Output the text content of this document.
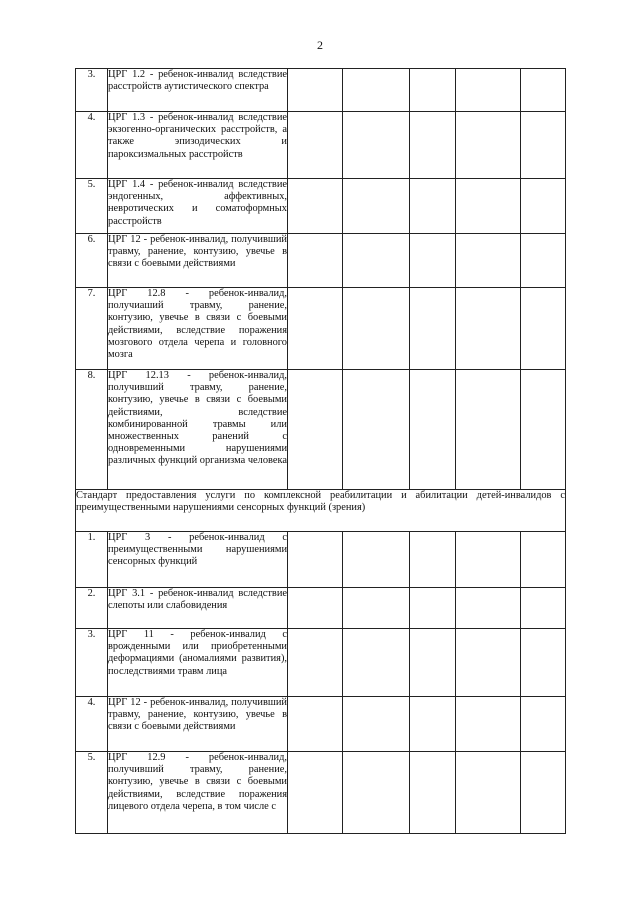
2
3.	ЦРГ 1.2 - ребенок-инвалид вследствие расстройств аутистического спектра					
4.	ЦРГ 1.3 - ребенок-инвалид вследствие экзогенно-органических расстройств, а также эпизодических и пароксизмальных расстройств					
5.	ЦРГ 1.4 - ребенок-инвалид вследствие эндогенных, аффективных, невротических и соматоформных расстройств					
6.	ЦРГ 12 - ребенок-инвалид, получивший травму, ранение, контузию, увечье в связи с боевыми действиями					
7.	ЦРГ 12.8 - ребенок-инвалид, получиаший травму, ранение, контузию, увечье в связи с боевыми действиями, вследствие поражения мозгового отдела черепа и головного мозга					
8.	ЦРГ 12.13 - ребенок-инвалид, получивший травму, ранение, контузию, увечье в связи с боевыми действиями, вследствие комбинированной травмы или множественных ранений с одновременными нарушениями различных функций организма человека					
Стандарт предоставления услуги по комплексной реабилитации и абилитации детей-инвалидов с преимущественными нарушениями сенсорных функций (зрения)						
1.	ЦРГ 3 - ребенок-инвалид с преимущественными нарушениями сенсорных функций					
2.	ЦРГ 3.1 - ребенок-инвалид вследствие слепоты или слабовидения					
3.	ЦРГ 11 - ребенок-инвалид с врожденными или приобретенными деформациями (аномалиями развития), последствиями травм лица					
4.	ЦРГ 12 - ребенок-инвалид, получивший травму, ранение, контузию, увечье в связи с боевыми действиями					
5.	ЦРГ 12.9 - ребенок-инвалид, получивший травму, ранение, контузию, увечье в связи с боевыми действиями, вследствие поражения лицевого отдела черепа, в том числе с					
